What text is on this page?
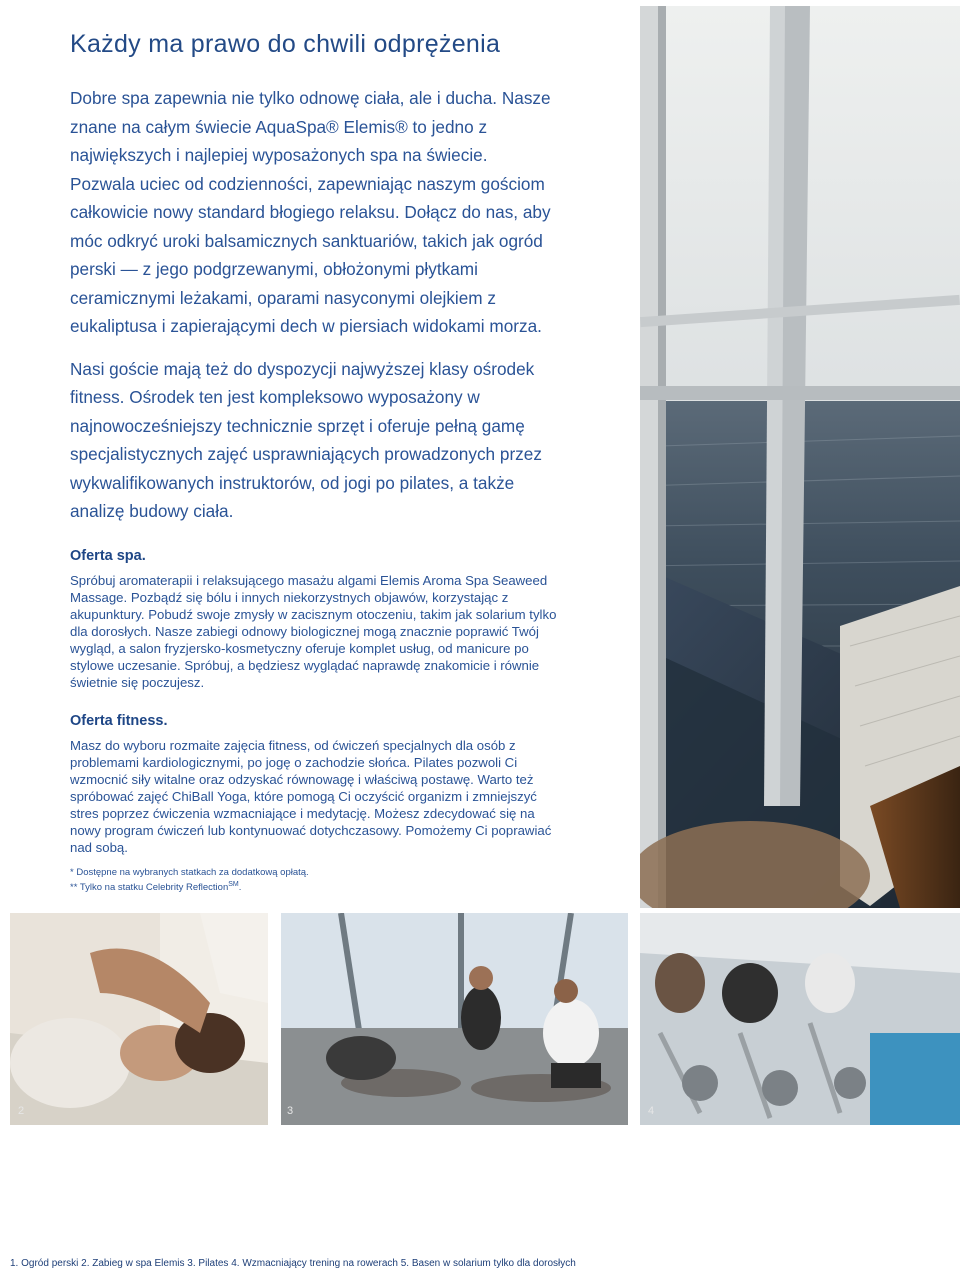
Każdy ma prawo do chwili odprężenia

Dobre spa zapewnia nie tylko odnowę ciała, ale i ducha. Nasze znane na całym świecie AquaSpa® Elemis® to jedno z największych i najlepiej wyposażonych spa na świecie. Pozwala uciec od codzienności, zapewniając naszym gościom całkowicie nowy standard błogiego relaksu. Dołącz do nas, aby móc odkryć uroki balsamicznych sanktuariów, takich jak ogród perski — z jego podgrzewanymi, obłożonymi płytkami ceramicznymi leżakami, oparami nasyconymi olejkiem z eukaliptusa i zapierającymi dech w piersiach widokami morza.

Nasi goście mają też do dyspozycji najwyższej klasy ośrodek fitness. Ośrodek ten jest kompleksowo wyposażony w najnowocześniejszy technicznie sprzęt i oferuje pełną gamę specjalistycznych zajęć usprawniających prowadzonych przez wykwalifikowanych instruktorów, od jogi po pilates, a także analizę budowy ciała.

Oferta spa.

Spróbuj aromaterapii i relaksującego masażu algami Elemis Aroma Spa Seaweed Massage. Pozbądź się bólu i innych niekorzystnych objawów, korzystając z akupunktury. Pobudź swoje zmysły w zacisznym otoczeniu, takim jak solarium tylko dla dorosłych. Nasze zabiegi odnowy biologicznej mogą znacznie poprawić Twój wygląd, a salon fryzjersko-kosmetyczny oferuje komplet usług, od manicure po stylowe uczesanie. Spróbuj, a będziesz wyglądać naprawdę znakomicie i równie świetnie się poczujesz.

Oferta fitness.

Masz do wyboru rozmaite zajęcia fitness, od ćwiczeń specjalnych dla osób z problemami kardiologicznymi, po jogę o zachodzie słońca. Pilates pozwoli Ci wzmocnić siły witalne oraz odzyskać równowagę i właściwą postawę. Warto też spróbować zajęć ChiBall Yoga, które pomogą Ci oczyścić organizm i zmniejszyć stres poprzez ćwiczenia wzmacniające i medytację. Możesz zdecydować się na nowy program ćwiczeń lub kontynuować dotychczasowy. Pomożemy Ci poprawiać nad sobą.

* Dostępne na wybranych statkach za dodatkową opłatą.
** Tylko na statku Celebrity Reflection℠.
2	3	4
1. Ogród perski 2. Zabieg w spa Elemis 3. Pilates 4. Wzmacniający trening na rowerach 5. Basen w solarium tylko dla dorosłych
